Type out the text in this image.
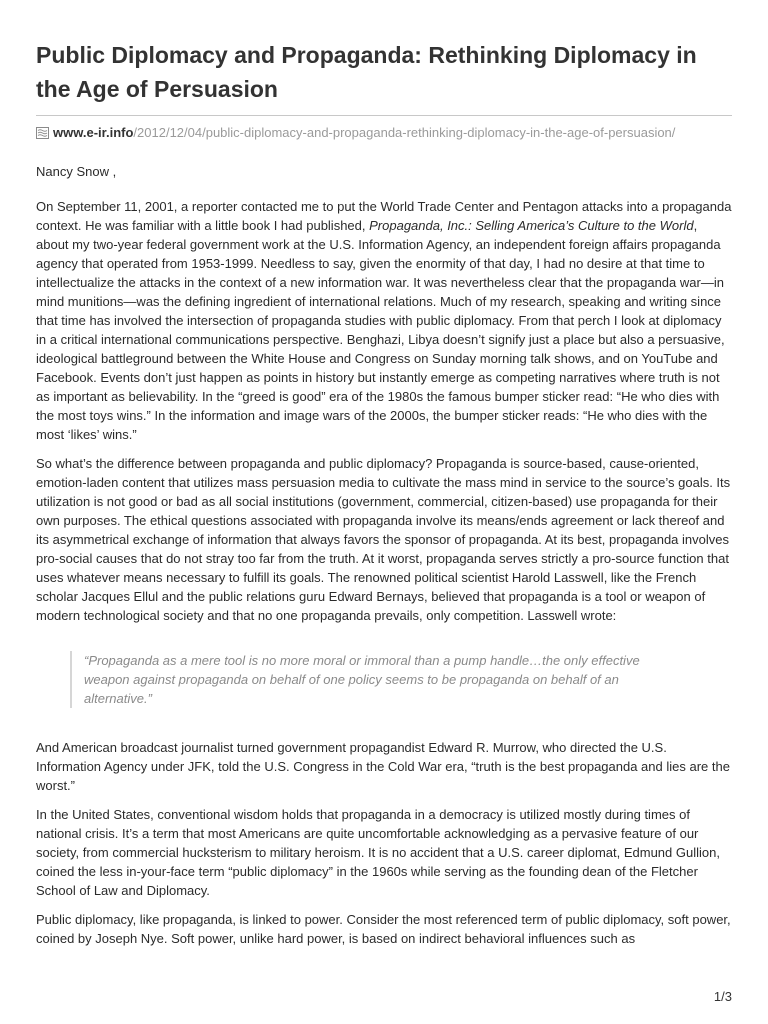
Public Diplomacy and Propaganda: Rethinking Diplomacy in the Age of Persuasion
www.e-ir.info/2012/12/04/public-diplomacy-and-propaganda-rethinking-diplomacy-in-the-age-of-persuasion/

Nancy Snow ,

On September 11, 2001, a reporter contacted me to put the World Trade Center and Pentagon attacks into a propaganda context. He was familiar with a little book I had published, Propaganda, Inc.: Selling America’s Culture to the World, about my two-year federal government work at the U.S. Information Agency, an independent foreign affairs propaganda agency that operated from 1953-1999. Needless to say, given the enormity of that day, I had no desire at that time to intellectualize the attacks in the context of a new information war. It was nevertheless clear that the propaganda war—in mind munitions—was the defining ingredient of international relations. Much of my research, speaking and writing since that time has involved the intersection of propaganda studies with public diplomacy. From that perch I look at diplomacy in a critical international communications perspective. Benghazi, Libya doesn’t signify just a place but also a persuasive, ideological battleground between the White House and Congress on Sunday morning talk shows, and on YouTube and Facebook. Events don’t just happen as points in history but instantly emerge as competing narratives where truth is not as important as believability. In the “greed is good” era of the 1980s the famous bumper sticker read: “He who dies with the most toys wins.” In the information and image wars of the 2000s, the bumper sticker reads: “He who dies with the most ‘likes’ wins.”

So what’s the difference between propaganda and public diplomacy? Propaganda is source-based, cause-oriented, emotion-laden content that utilizes mass persuasion media to cultivate the mass mind in service to the source’s goals. Its utilization is not good or bad as all social institutions (government, commercial, citizen-based) use propaganda for their own purposes. The ethical questions associated with propaganda involve its means/ends agreement or lack thereof and its asymmetrical exchange of information that always favors the sponsor of propaganda. At its best, propaganda involves pro-social causes that do not stray too far from the truth. At it worst, propaganda serves strictly a pro-source function that uses whatever means necessary to fulfill its goals. The renowned political scientist Harold Lasswell, like the French scholar Jacques Ellul and the public relations guru Edward Bernays, believed that propaganda is a tool or weapon of modern technological society and that no one propaganda prevails, only competition. Lasswell wrote:

“Propaganda as a mere tool is no more moral or immoral than a pump handle…the only effective weapon against propaganda on behalf of one policy seems to be propaganda on behalf of an alternative.”

And American broadcast journalist turned government propagandist Edward R. Murrow, who directed the U.S. Information Agency under JFK, told the U.S. Congress in the Cold War era, “truth is the best propaganda and lies are the worst.”

In the United States, conventional wisdom holds that propaganda in a democracy is utilized mostly during times of national crisis. It’s a term that most Americans are quite uncomfortable acknowledging as a pervasive feature of our society, from commercial hucksterism to military heroism. It is no accident that a U.S. career diplomat, Edmund Gullion, coined the less in-your-face term “public diplomacy” in the 1960s while serving as the founding dean of the Fletcher School of Law and Diplomacy.

Public diplomacy, like propaganda, is linked to power. Consider the most referenced term of public diplomacy, soft power, coined by Joseph Nye. Soft power, unlike hard power, is based on indirect behavioral influences such as

1/3
